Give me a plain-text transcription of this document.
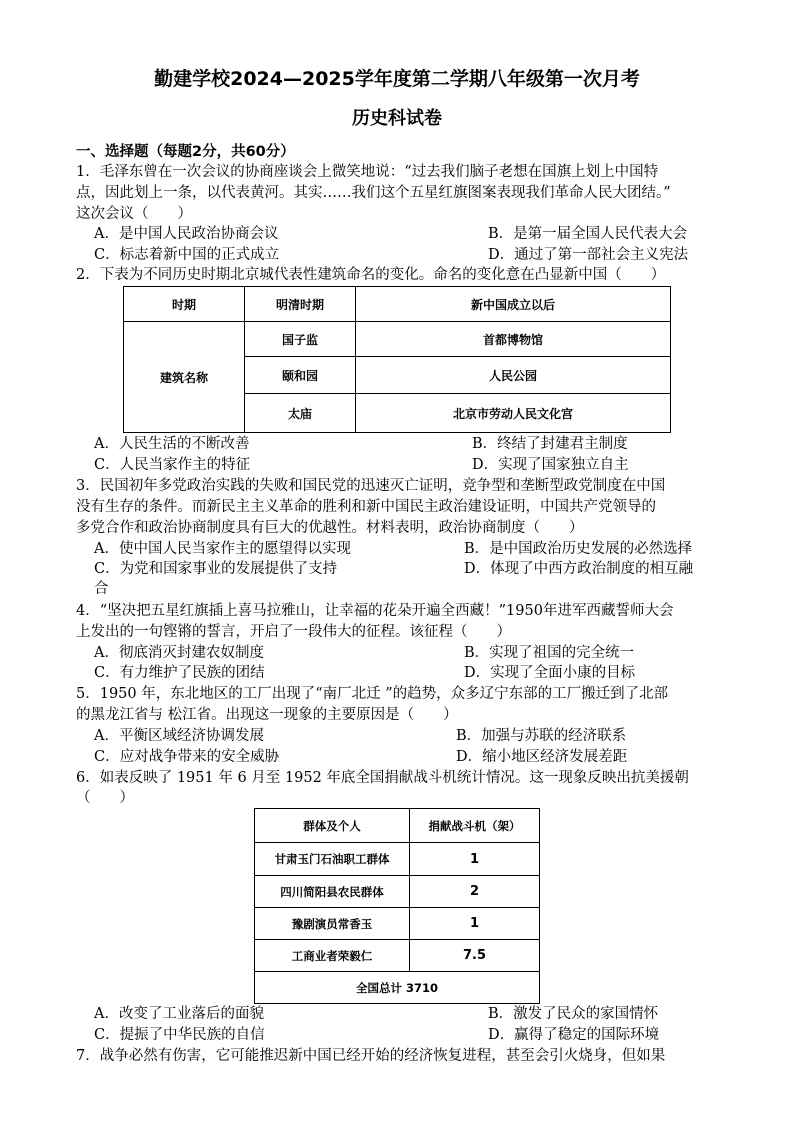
勤建学校2024—2025学年度第二学期八年级第一次月考
历史科试卷
一、选择题（每题2分，共60分）
1．毛泽东曾在一次会议的协商座谈会上微笑地说：“过去我们脑子老想在国旗上划上中国特
点，因此划上一条，以代表黄河。其实……我们这个五星红旗图案表现我们革命人民大团结。”
这次会议（　　）
A．是中国人民政治协商会议	B．是第一届全国人民代表大会
C．标志着新中国的正式成立	D．通过了第一部社会主义宪法
2．下表为不同历史时期北京城代表性建筑命名的变化。命名的变化意在凸显新中国（　　）
时期	明清时期	新中国成立以后
建筑名称	国子监	首都博物馆
	颐和园	人民公园
	太庙	北京市劳动人民文化宫
A．人民生活的不断改善	B．终结了封建君主制度
C．人民当家作主的特征	D．实现了国家独立自主
3．民国初年多党政治实践的失败和国民党的迅速灭亡证明，竞争型和垄断型政党制度在中国
没有生存的条件。而新民主主义革命的胜利和新中国民主政治建设证明，中国共产党领导的
多党合作和政治协商制度具有巨大的优越性。材料表明，政治协商制度（　　）
A．使中国人民当家作主的愿望得以实现	B．是中国政治历史发展的必然选择
C．为党和国家事业的发展提供了支持	D．体现了中西方政治制度的相互融
合
4．“坚决把五星红旗插上喜马拉雅山，让幸福的花朵开遍全西藏！”1950年进军西藏誓师大会
上发出的一句铿锵的誓言，开启了一段伟大的征程。该征程（　　）
A．彻底消灭封建农奴制度	B．实现了祖国的完全统一
C．有力维护了民族的团结	D．实现了全面小康的目标
5．1950 年，东北地区的工厂出现了“南厂北迁 ”的趋势，众多辽宁东部的工厂搬迁到了北部
的黑龙江省与 松江省。出现这一现象的主要原因是（　　）
A．平衡区域经济协调发展	B．加强与苏联的经济联系
C．应对战争带来的安全威胁	D．缩小地区经济发展差距
6．如表反映了 1951 年 6 月至 1952 年底全国捐献战斗机统计情况。这一现象反映出抗美援朝
（　　）
群体及个人	捐献战斗机（架）
甘肃玉门石油职工群体	1
四川简阳县农民群体	2
豫剧演员常香玉	1
工商业者荣毅仁	7.5
全国总计 3710	
A．改变了工业落后的面貌	B．激发了民众的家国情怀
C．提振了中华民族的自信	D．赢得了稳定的国际环境
7．战争必然有伤害，它可能推迟新中国已经开始的经济恢复进程，甚至会引火烧身，但如果
